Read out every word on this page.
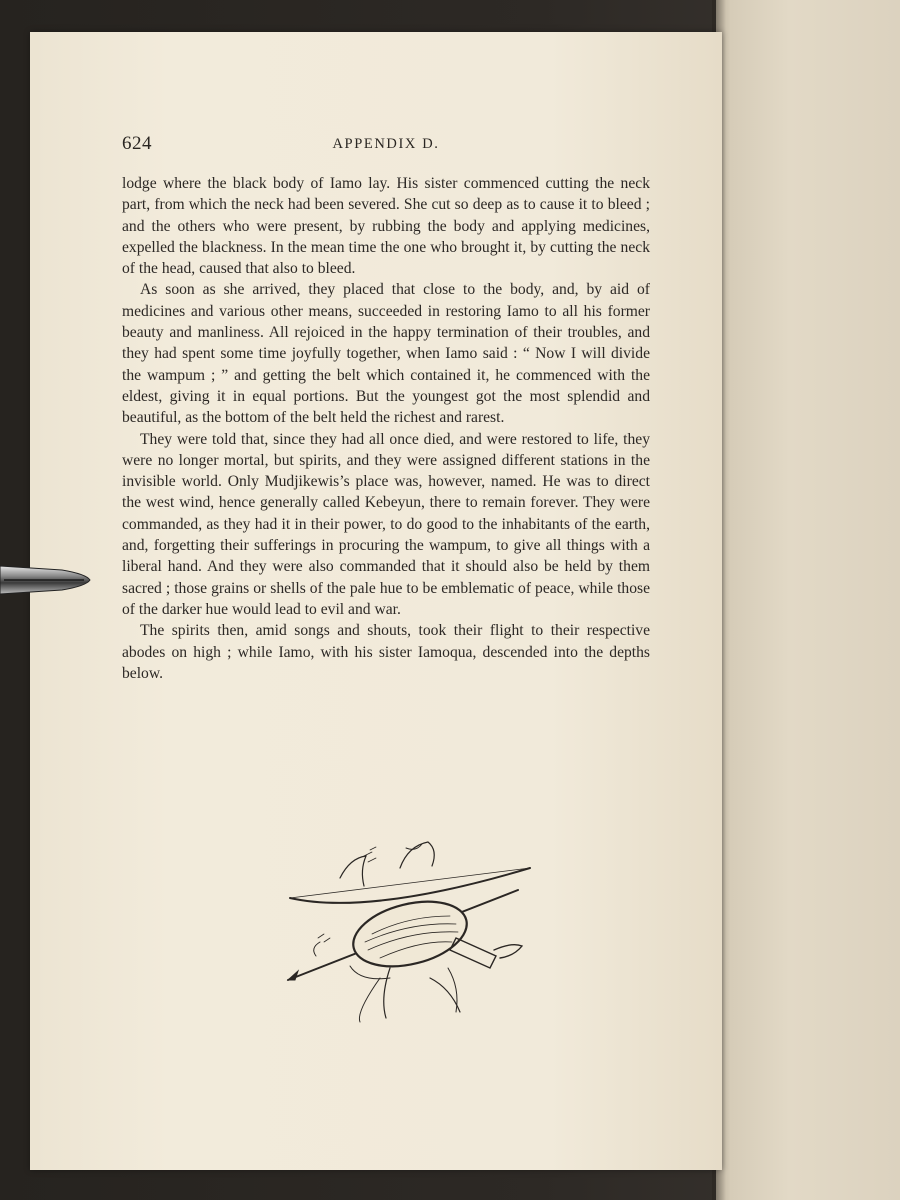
624	APPENDIX D.

lodge where the black body of Iamo lay. His sister commenced cutting the neck part, from which the neck had been severed. She cut so deep as to cause it to bleed ; and the others who were present, by rubbing the body and applying medicines, expelled the blackness. In the mean time the one who brought it, by cutting the neck of the head, caused that also to bleed.

As soon as she arrived, they placed that close to the body, and, by aid of medicines and various other means, succeeded in restoring Iamo to all his former beauty and manliness. All rejoiced in the happy termination of their troubles, and they had spent some time joyfully together, when Iamo said : “ Now I will divide the wampum ; ” and getting the belt which contained it, he commenced with the eldest, giving it in equal portions. But the youngest got the most splendid and beautiful, as the bottom of the belt held the richest and rarest.

They were told that, since they had all once died, and were restored to life, they were no longer mortal, but spirits, and they were assigned different stations in the invisible world. Only Mudjikewis’s place was, however, named. He was to direct the west wind, hence generally called Kebeyun, there to remain forever. They were commanded, as they had it in their power, to do good to the inhabitants of the earth, and, forgetting their sufferings in procuring the wampum, to give all things with a liberal hand. And they were also commanded that it should also be held by them sacred ; those grains or shells of the pale hue to be emblematic of peace, while those of the darker hue would lead to evil and war.

The spirits then, amid songs and shouts, took their flight to their respective abodes on high ; while Iamo, with his sister Iamoqua, descended into the depths below.
